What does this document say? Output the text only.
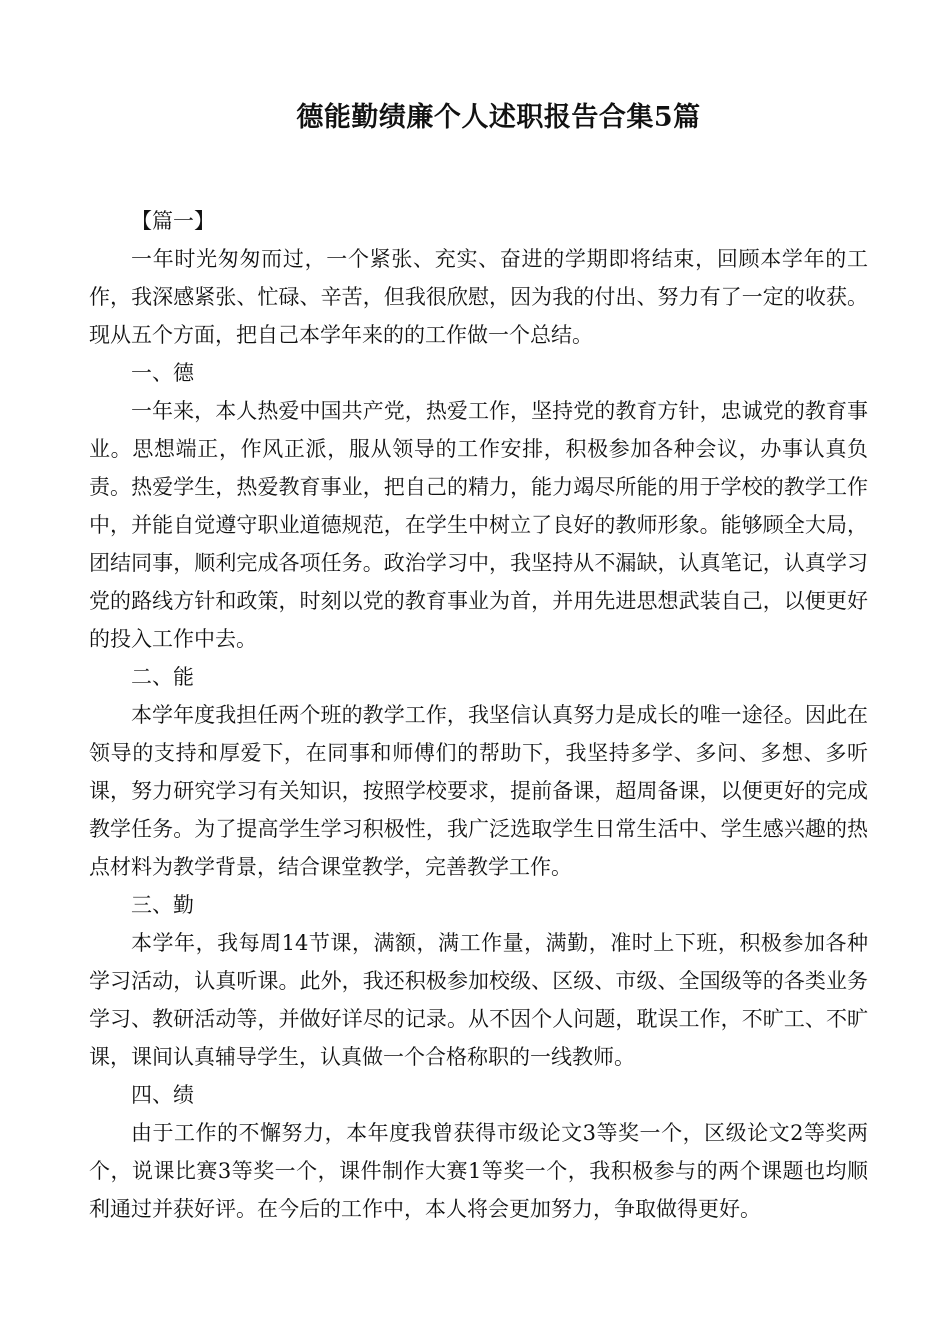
德能勤绩廉个人述职报告合集5篇

【篇一】

一年时光匆匆而过，一个紧张、充实、奋进的学期即将结束，回顾本学年的工作，我深感紧张、忙碌、辛苦，但我很欣慰，因为我的付出、努力有了一定的收获。现从五个方面，把自己本学年来的的工作做一个总结。

一、德

一年来，本人热爱中国共产党，热爱工作，坚持党的教育方针，忠诚党的教育事业。思想端正，作风正派，服从领导的工作安排，积极参加各种会议，办事认真负责。热爱学生，热爱教育事业，把自己的精力，能力竭尽所能的用于学校的教学工作中，并能自觉遵守职业道德规范，在学生中树立了良好的教师形象。能够顾全大局，团结同事，顺利完成各项任务。政治学习中，我坚持从不漏缺，认真笔记，认真学习党的路线方针和政策，时刻以党的教育事业为首，并用先进思想武装自己，以便更好的投入工作中去。

二、能

本学年度我担任两个班的教学工作，我坚信认真努力是成长的唯一途径。因此在领导的支持和厚爱下，在同事和师傅们的帮助下，我坚持多学、多问、多想、多听课，努力研究学习有关知识，按照学校要求，提前备课，超周备课，以便更好的完成教学任务。为了提高学生学习积极性，我广泛选取学生日常生活中、学生感兴趣的热点材料为教学背景，结合课堂教学，完善教学工作。

三、勤

本学年，我每周14节课，满额，满工作量，满勤，准时上下班，积极参加各种学习活动，认真听课。此外，我还积极参加校级、区级、市级、全国级等的各类业务学习、教研活动等，并做好详尽的记录。从不因个人问题，耽误工作，不旷工、不旷课，课间认真辅导学生，认真做一个合格称职的一线教师。

四、绩

由于工作的不懈努力，本年度我曾获得市级论文3等奖一个，区级论文2等奖两个，说课比赛3等奖一个，课件制作大赛1等奖一个，我积极参与的两个课题也均顺利通过并获好评。在今后的工作中，本人将会更加努力，争取做得更好。
